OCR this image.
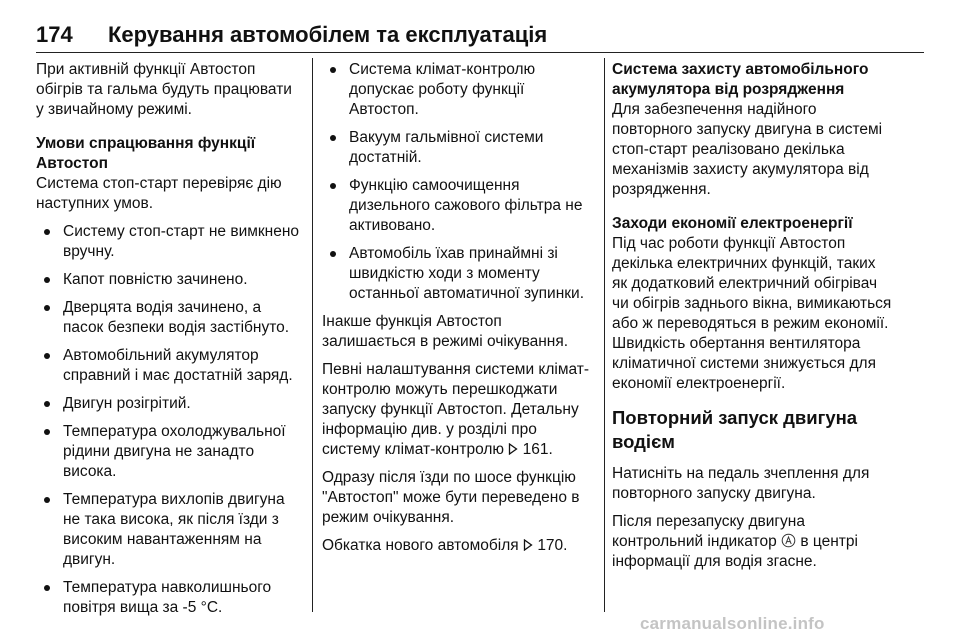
174 Керування автомобілем та експлуатація

При активній функції Автостоп обігрів та гальма будуть працювати у звичайному режимі.

Умови спрацювання функції Автостоп

Система стоп-старт перевіряє дію наступних умов.

Систему стоп-старт не вимкнено вручну.
Капот повністю зачинено.
Дверцята водія зачинено, а пасок безпеки водія застібнуто.
Автомобільний акумулятор справний і має достатній заряд.
Двигун розігрітий.
Температура охолоджувальної рідини двигуна не занадто висока.
Температура вихлопів двигуна не така висока, як після їзди з високим навантаженням на двигун.
Температура навколишнього повітря вища за -5 °C.
Система клімат-контролю допускає роботу функції Автостоп.
Вакуум гальмівної системи достатній.
Функцію самоочищення дизельного сажового фільтра не активовано.
Автомобіль їхав принаймні зі швидкістю ходи з моменту останньої автоматичної зупинки.

Інакше функція Автостоп залишається в режимі очікування.

Певні налаштування системи клімат-контролю можуть перешкоджати запуску функції Автостоп. Детальну інформацію див. у розділі про систему клімат-контролю 161.

Одразу після їзди по шосе функцію "Автостоп" може бути переведено в режим очікування.

Обкатка нового автомобіля 170.

Система захисту автомобільного акумулятора від розрядження

Для забезпечення надійного повторного запуску двигуна в системі стоп-старт реалізовано декілька механізмів захисту акумулятора від розрядження.

Заходи економії електроенергії

Під час роботи функції Автостоп декілька електричних функцій, таких як додатковий електричний обігрівач чи обігрів заднього вікна, вимикаються або ж переводяться в режим економії. Швидкість обертання вентилятора кліматичної системи знижується для економії електроенергії.

Повторний запуск двигуна водієм

Натисніть на педаль зчеплення для повторного запуску двигуна.

Після перезапуску двигуна контрольний індикатор в центрі інформації для водія згасне.

carmanualsonline.info
